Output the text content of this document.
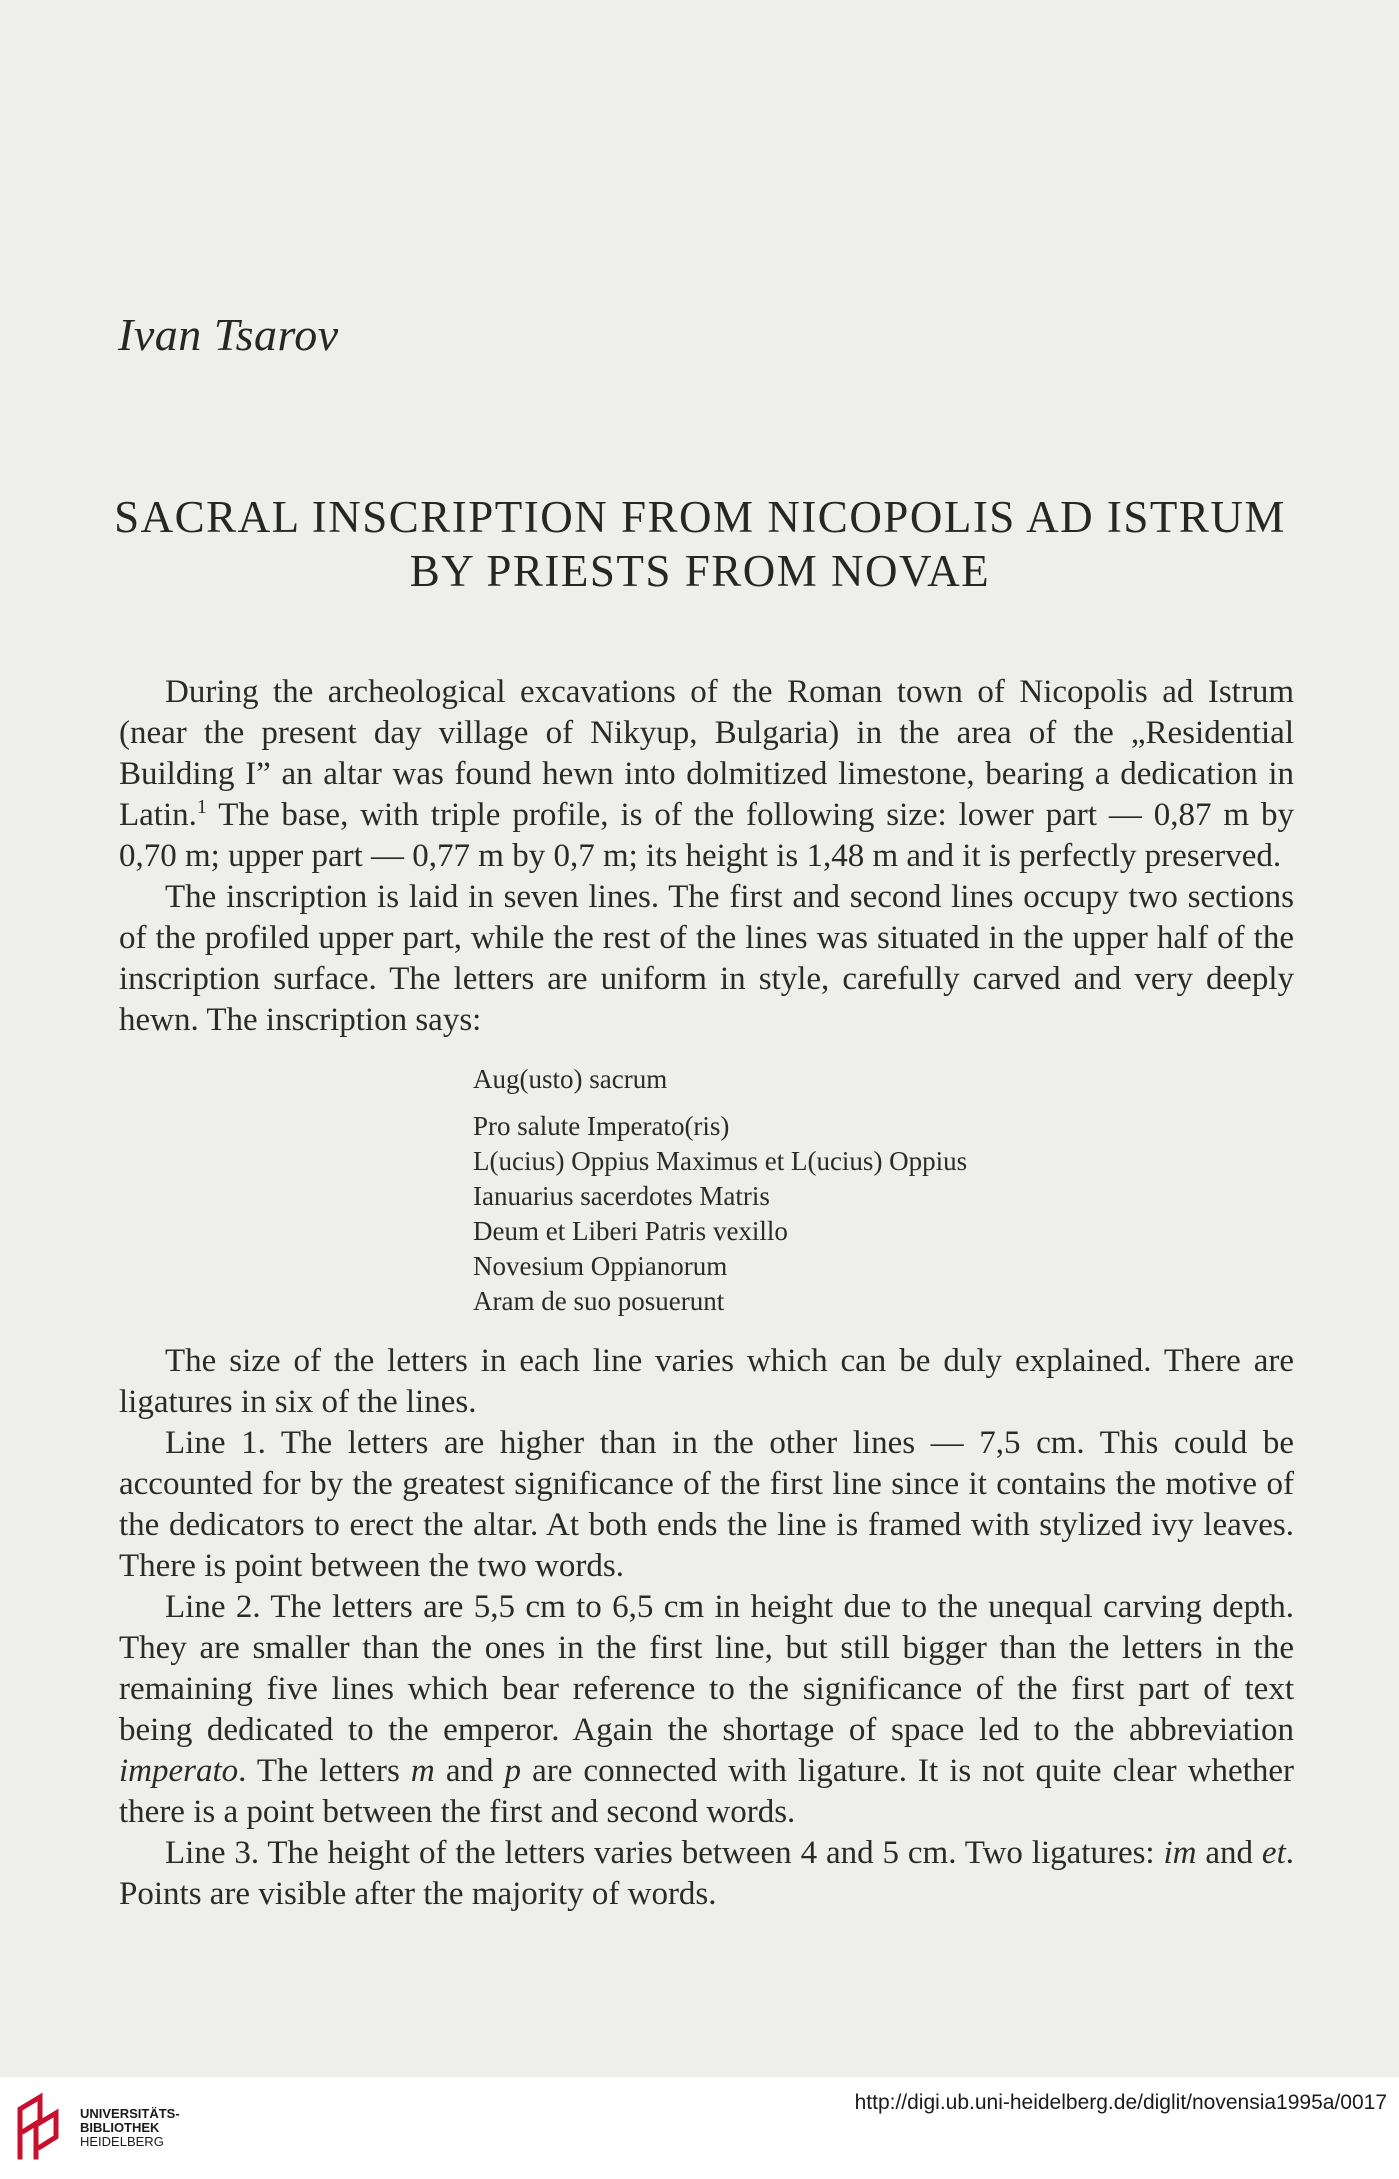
Ivan Tsarov
SACRAL INSCRIPTION FROM NICOPOLIS AD ISTRUM
BY PRIESTS FROM NOVAE

During the archeological excavations of the Roman town of Nicopolis ad Istrum (near the present day village of Nikyup, Bulgaria) in the area of the „Residential Building I” an altar was found hewn into dolmitized limestone, bearing a dedication in Latin.$^1$ The base, with triple profile, is of the following size: lower part — 0,87 m by 0,70 m; upper part — 0,77 m by 0,7 m; its height is 1,48 m and it is perfectly preserved.

The inscription is laid in seven lines. The first and second lines occupy two sections of the profiled upper part, while the rest of the lines was situated in the upper half of the inscription surface. The letters are uniform in style, carefully carved and very deeply hewn. The inscription says:

Aug(usto) sacrum
Pro salute Imperato(ris)
L(ucius) Oppius Maximus et L(ucius) Oppius
Ianuarius sacerdotes Matris
Deum et Liberi Patris vexillo
Novesium Oppianorum
Aram de suo posuerunt

The size of the letters in each line varies which can be duly explained. There are ligatures in six of the lines.

Line 1. The letters are higher than in the other lines — 7,5 cm. This could be accounted for by the greatest significance of the first line since it contains the motive of the dedicators to erect the altar. At both ends the line is framed with stylized ivy leaves. There is point between the two words.

Line 2. The letters are 5,5 cm to 6,5 cm in height due to the unequal carving depth. They are smaller than the ones in the first line, but still bigger than the letters in the remaining five lines which bear reference to the significance of the first part of text being dedicated to the emperor. Again the shortage of space led to the abbreviation imperato. The letters m and p are connected with ligature. It is not quite clear whether there is a point between the first and second words.

Line 3. The height of the letters varies between 4 and 5 cm. Two ligatures: im and et. Points are visible after the majority of words.

UNIVERSITÄTS-
BIBLIOTHEK
HEIDELBERG
http://digi.ub.uni-heidelberg.de/diglit/novensia1995a/0017
